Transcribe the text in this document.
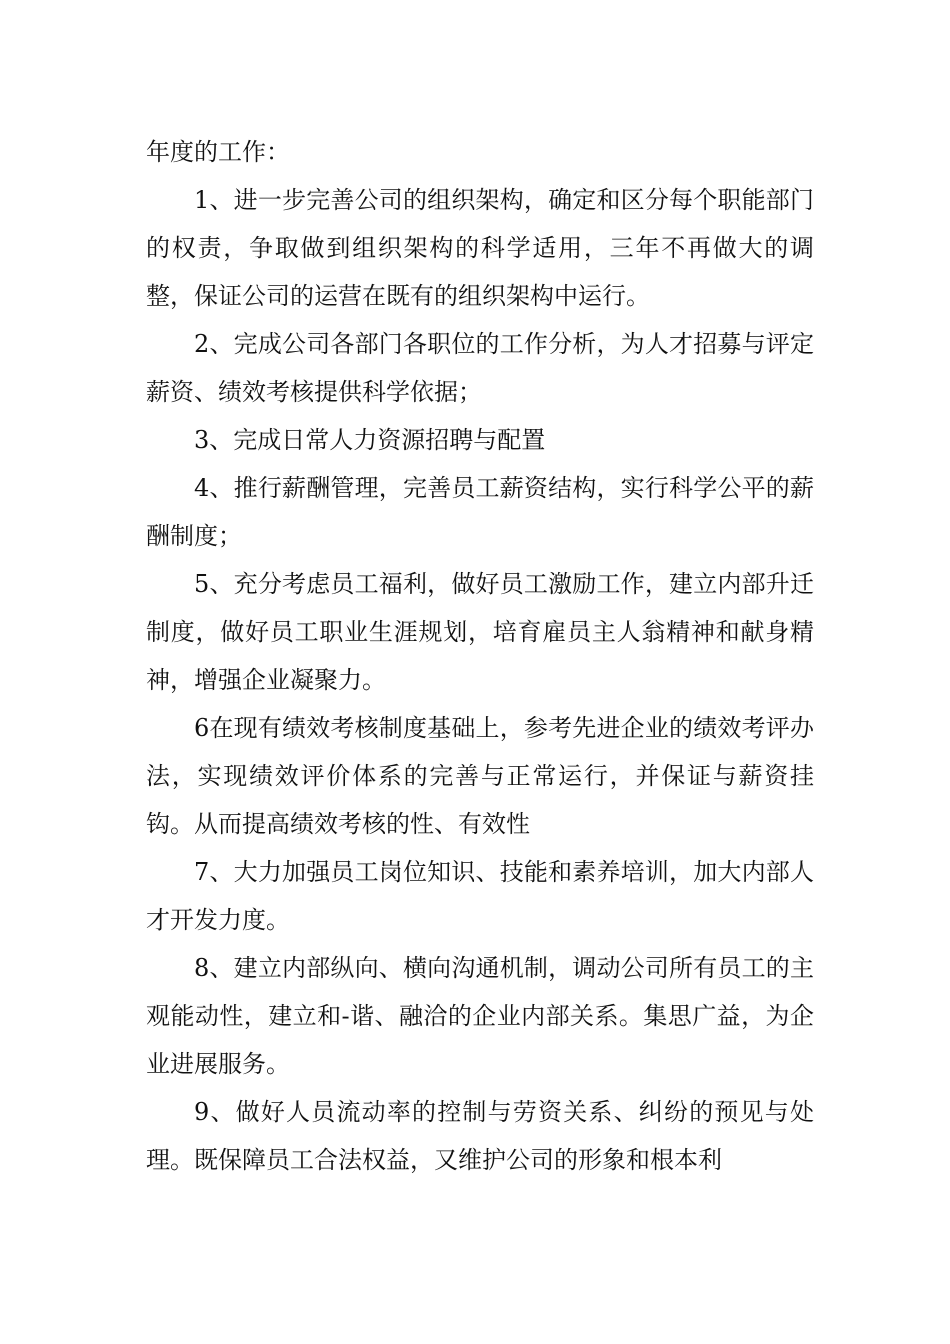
年度的工作：

1、进一步完善公司的组织架构，确定和区分每个职能部门的权责，争取做到组织架构的科学适用，三年不再做大的调整，保证公司的运营在既有的组织架构中运行。

2、完成公司各部门各职位的工作分析，为人才招募与评定薪资、绩效考核提供科学依据；

3、完成日常人力资源招聘与配置

4、推行薪酬管理，完善员工薪资结构，实行科学公平的薪酬制度；

5、充分考虑员工福利，做好员工激励工作，建立内部升迁制度，做好员工职业生涯规划，培育雇员主人翁精神和献身精神，增强企业凝聚力。

6在现有绩效考核制度基础上，参考先进企业的绩效考评办法，实现绩效评价体系的完善与正常运行，并保证与薪资挂钩。从而提高绩效考核的性、有效性

7、大力加强员工岗位知识、技能和素养培训，加大内部人才开发力度。

8、建立内部纵向、横向沟通机制，调动公司所有员工的主观能动性，建立和-谐、融洽的企业内部关系。集思广益，为企业进展服务。

9、做好人员流动率的控制与劳资关系、纠纷的预见与处理。既保障员工合法权益，又维护公司的形象和根本利
